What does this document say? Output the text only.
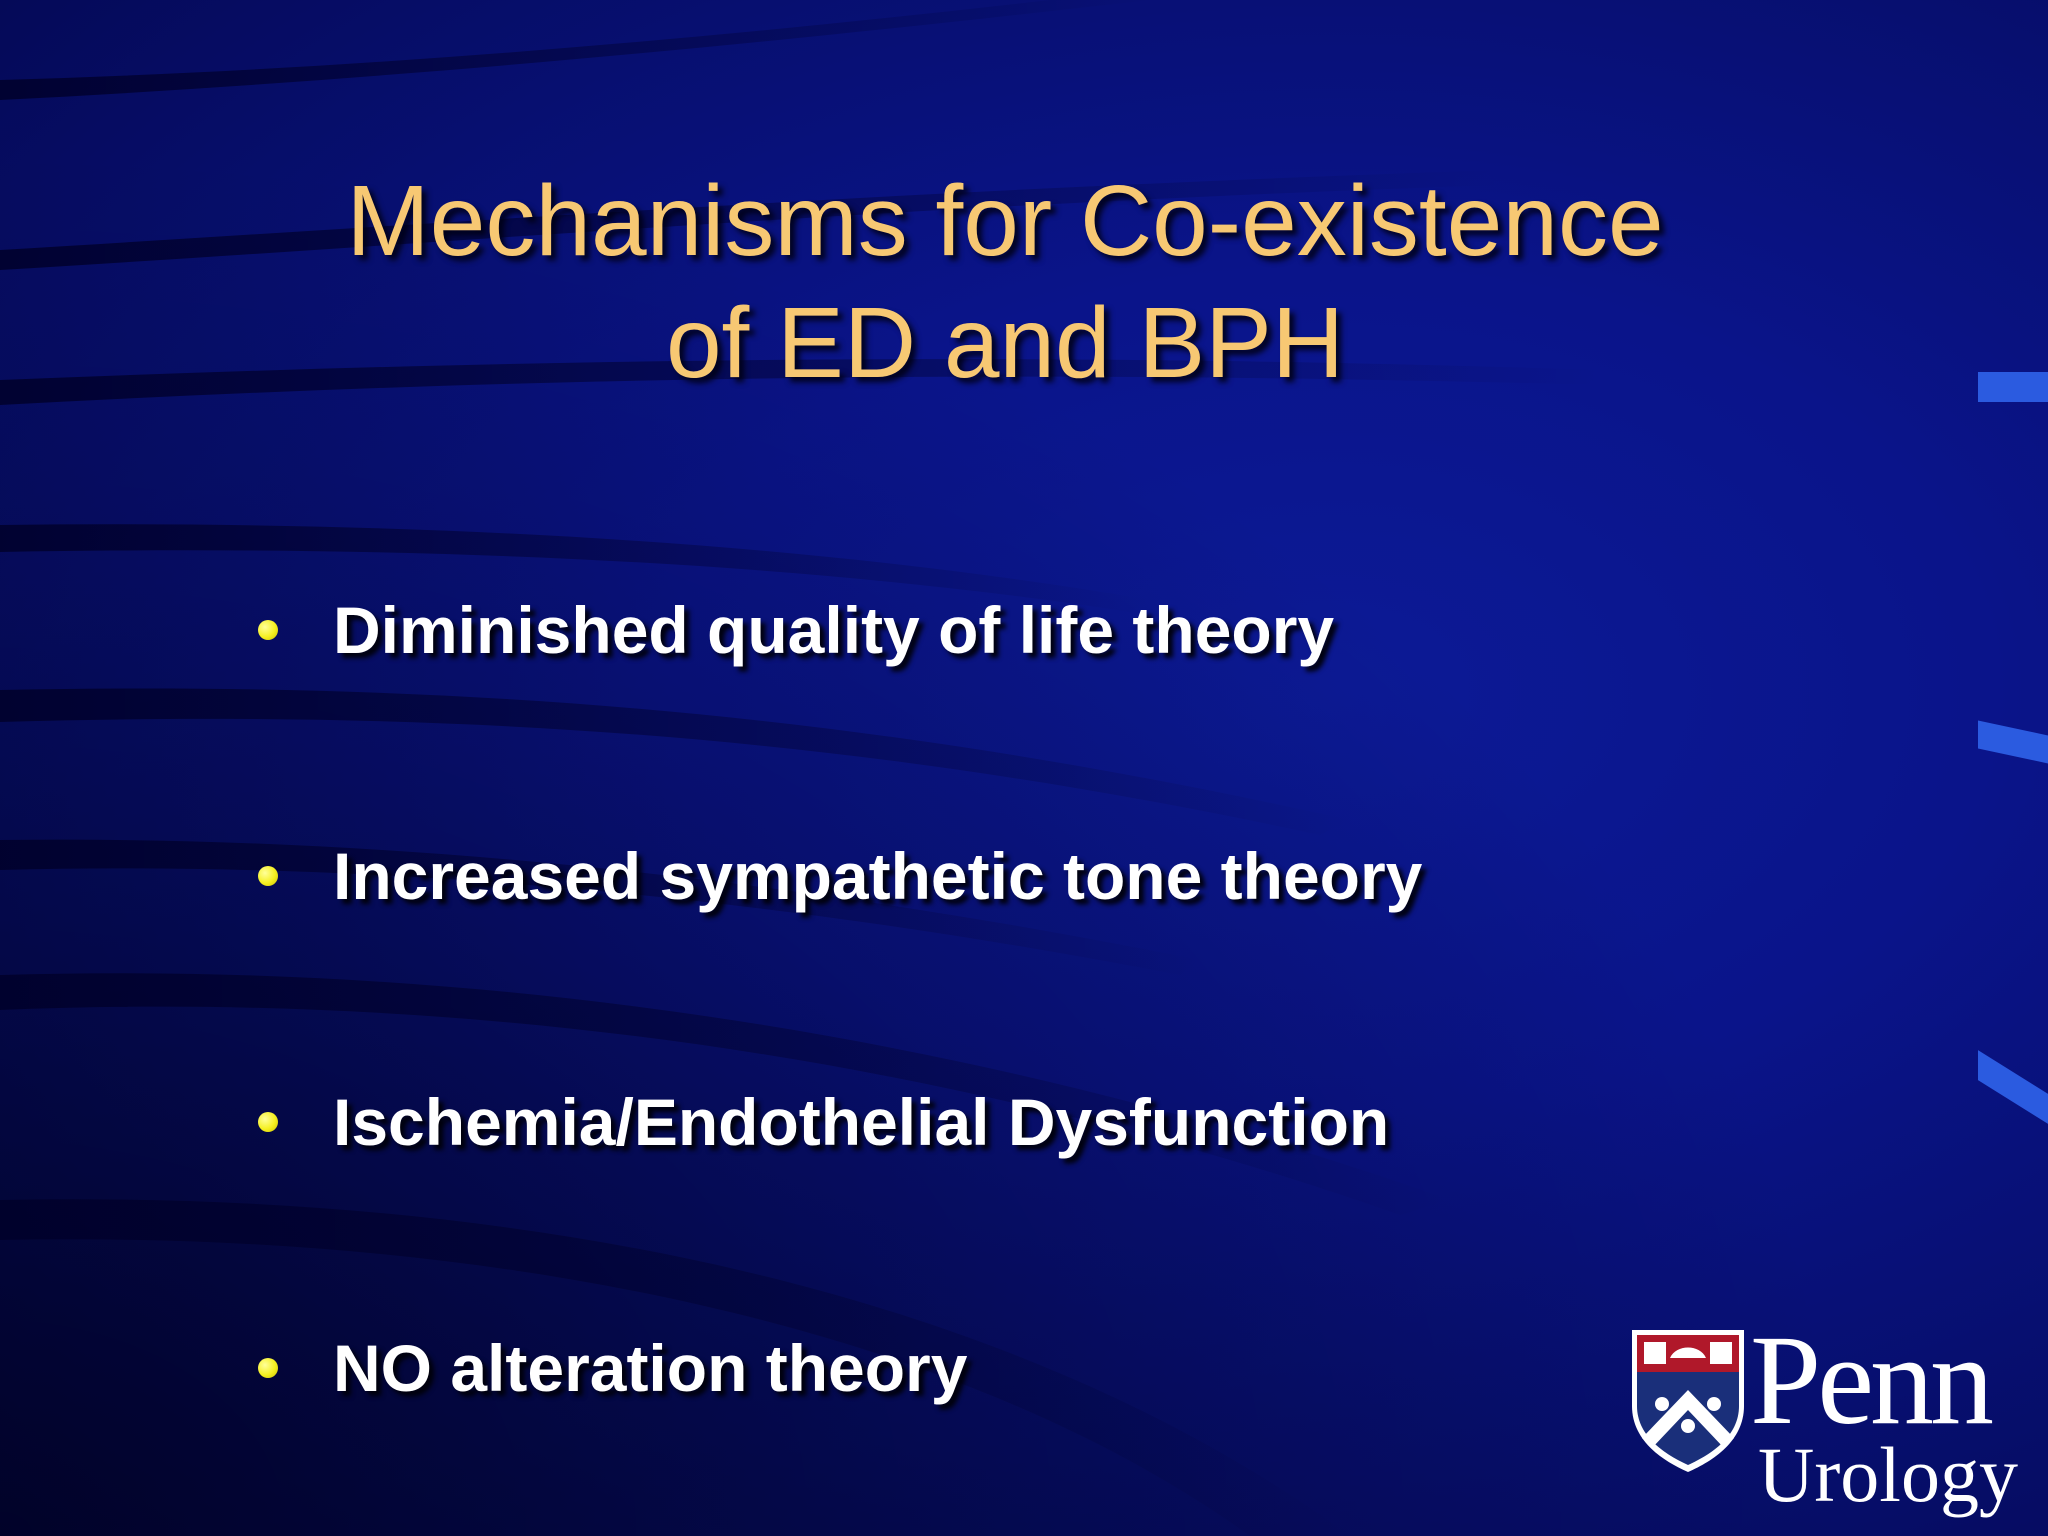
Mechanisms for Co-existence
of ED and BPH
Diminished quality of life theory
Increased sympathetic tone theory
Ischemia/Endothelial Dysfunction
NO alteration theory	Penn
Urology
